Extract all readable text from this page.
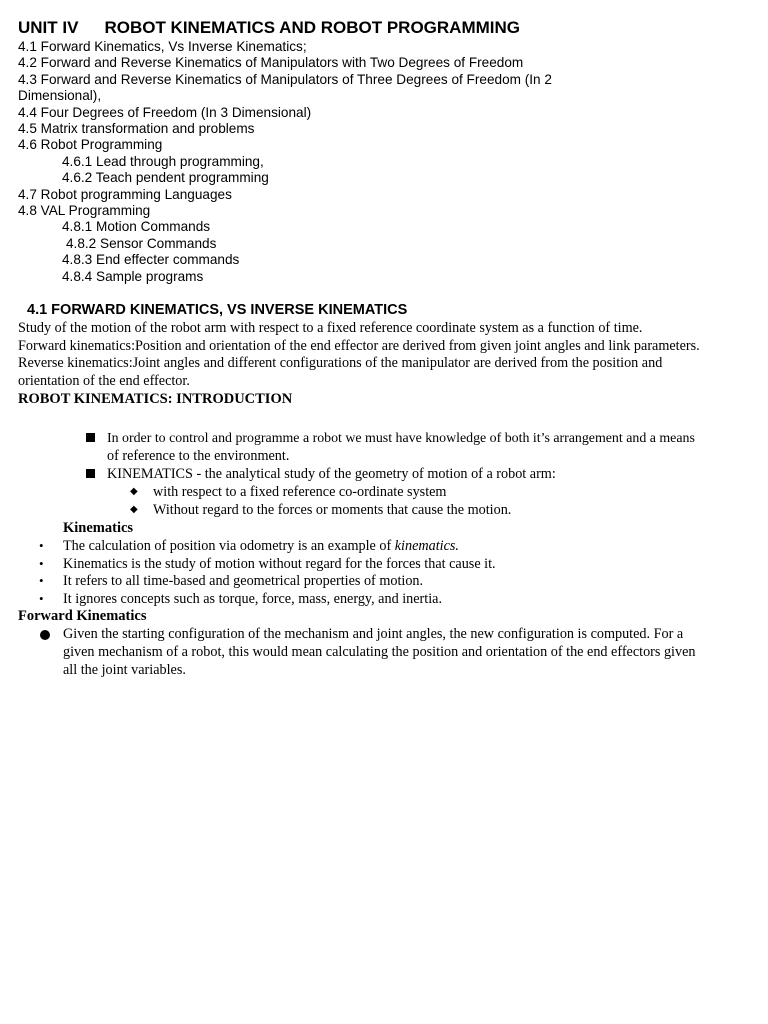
UNIT IV ROBOT KINEMATICS AND ROBOT PROGRAMMING
4.1 Forward Kinematics, Vs Inverse Kinematics;
4.2 Forward and Reverse Kinematics of Manipulators with Two Degrees of Freedom
4.3 Forward and Reverse Kinematics of Manipulators of Three Degrees of Freedom (In 2
Dimensional),
4.4 Four Degrees of Freedom (In 3 Dimensional)
4.5 Matrix transformation and problems
4.6 Robot Programming
4.6.1 Lead through programming,
4.6.2 Teach pendent programming
4.7 Robot programming Languages
4.8 VAL Programming
4.8.1 Motion Commands
4.8.2 Sensor Commands
4.8.3 End effecter commands
4.8.4 Sample programs
4.1 FORWARD KINEMATICS, VS INVERSE KINEMATICS
Study of the motion of the robot arm with respect to a fixed reference coordinate system as a function of time.
Forward kinematics:Position and orientation of the end effector are derived from given joint angles and link parameters.
Reverse kinematics:Joint angles and different configurations of the manipulator are derived from the position and
orientation of the end effector.
ROBOT KINEMATICS: INTRODUCTION
In order to control and programme a robot we must have knowledge of both it’s arrangement and a means
of reference to the environment.
KINEMATICS - the analytical study of the geometry of motion of a robot arm:
◆ with respect to a fixed reference co-ordinate system
◆ Without regard to the forces or moments that cause the motion.
Kinematics
• The calculation of position via odometry is an example of kinematics.
• Kinematics is the study of motion without regard for the forces that cause it.
• It refers to all time-based and geometrical properties of motion.
• It ignores concepts such as torque, force, mass, energy, and inertia.
Forward Kinematics
Given the starting configuration of the mechanism and joint angles, the new configuration is computed. For a
given mechanism of a robot, this would mean calculating the position and orientation of the end effectors given
all the joint variables.
